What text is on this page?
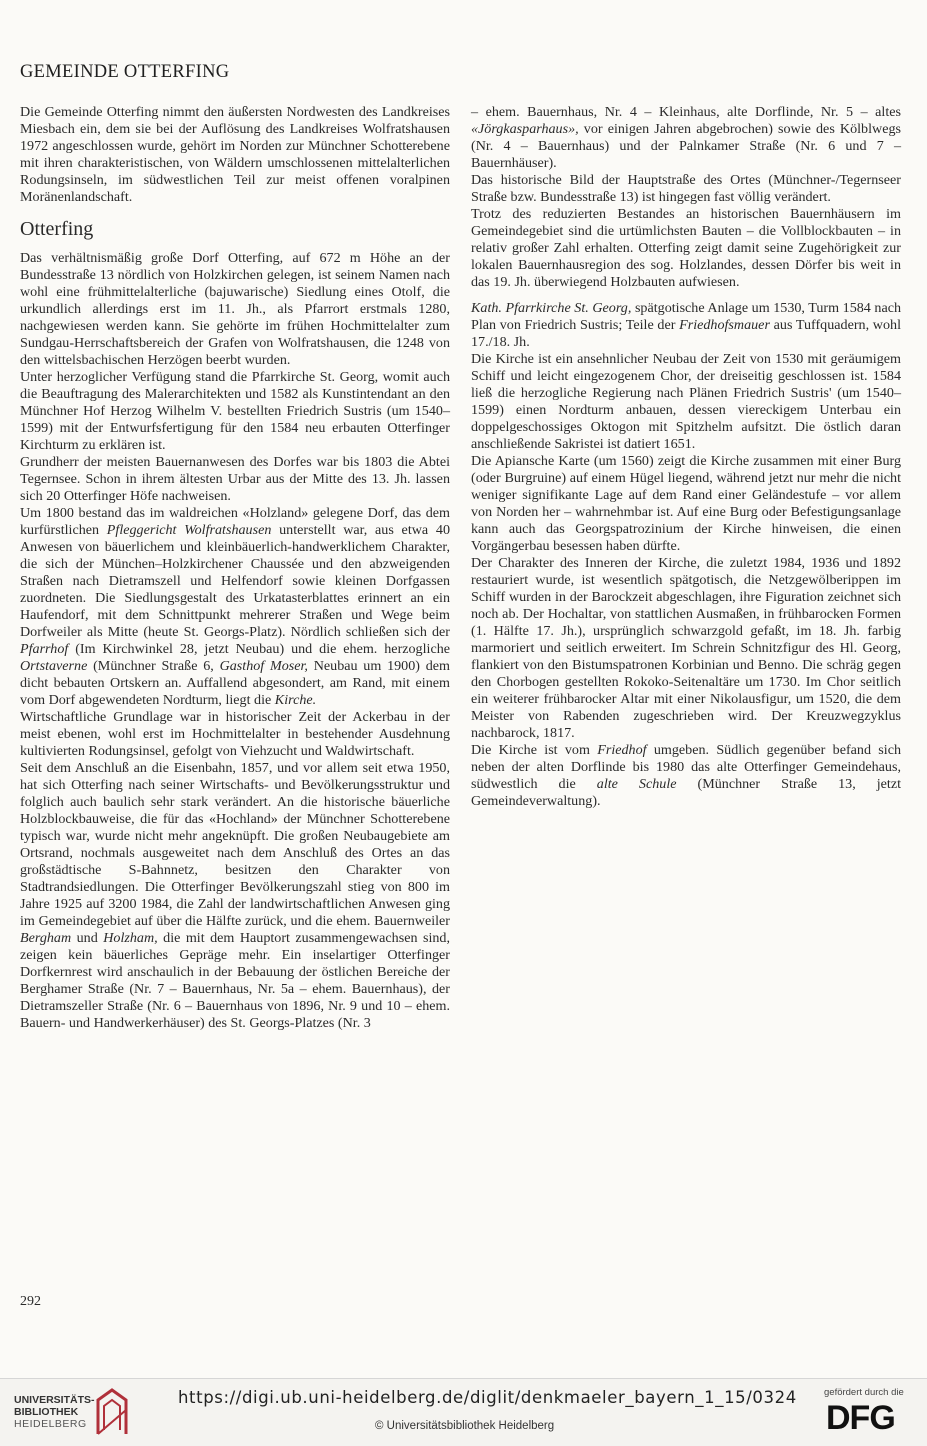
GEMEINDE OTTERFING

Die Gemeinde Otterfing nimmt den äußersten Nordwesten des Landkreises Miesbach ein, dem sie bei der Auflösung des Landkreises Wolfratshausen 1972 angeschlossen wurde, gehört im Norden zur Münchner Schotterebene mit ihren charakteristischen, von Wäldern umschlossenen mittelalterlichen Rodungsinseln, im südwestlichen Teil zur meist offenen voralpinen Moränenlandschaft.

Otterfing

Das verhältnismäßig große Dorf Otterfing, auf 672 m Höhe an der Bundesstraße 13 nördlich von Holzkirchen gelegen, ist seinem Namen nach wohl eine frühmittelalterliche (bajuwarische) Siedlung eines Otolf, die urkundlich allerdings erst im 11. Jh., als Pfarrort erstmals 1280, nachgewiesen werden kann. Sie gehörte im frühen Hochmittelalter zum Sundgau-Herrschaftsbereich der Grafen von Wolfratshausen, die 1248 von den wittelsbachischen Herzögen beerbt wurden.

Unter herzoglicher Verfügung stand die Pfarrkirche St. Georg, womit auch die Beauftragung des Malerarchitekten und 1582 als Kunstintendant an den Münchner Hof Herzog Wilhelm V. bestellten Friedrich Sustris (um 1540–1599) mit der Entwurfsfertigung für den 1584 neu erbauten Otterfinger Kirchturm zu erklären ist.

Grundherr der meisten Bauernanwesen des Dorfes war bis 1803 die Abtei Tegernsee. Schon in ihrem ältesten Urbar aus der Mitte des 13. Jh. lassen sich 20 Otterfinger Höfe nachweisen.

Um 1800 bestand das im waldreichen «Holzland» gelegene Dorf, das dem kurfürstlichen Pfleggericht Wolfratshausen unterstellt war, aus etwa 40 Anwesen von bäuerlichem und kleinbäuerlich-handwerklichem Charakter, die sich der München–Holzkirchener Chaussée und den abzweigenden Straßen nach Dietramszell und Helfendorf sowie kleinen Dorfgassen zuordneten. Die Siedlungsgestalt des Urkatasterblattes erinnert an ein Haufendorf, mit dem Schnittpunkt mehrerer Straßen und Wege beim Dorfweiler als Mitte (heute St. Georgs-Platz). Nördlich schließen sich der Pfarrhof (Im Kirchwinkel 28, jetzt Neubau) und die ehem. herzogliche Ortstaverne (Münchner Straße 6, Gasthof Moser, Neubau um 1900) dem dicht bebauten Ortskern an. Auffallend abgesondert, am Rand, mit einem vom Dorf abgewendeten Nordturm, liegt die Kirche.

Wirtschaftliche Grundlage war in historischer Zeit der Ackerbau in der meist ebenen, wohl erst im Hochmittelalter in bestehender Ausdehnung kultivierten Rodungsinsel, gefolgt von Viehzucht und Waldwirtschaft.

Seit dem Anschluß an die Eisenbahn, 1857, und vor allem seit etwa 1950, hat sich Otterfing nach seiner Wirtschafts- und Bevölkerungsstruktur und folglich auch baulich sehr stark verändert. An die historische bäuerliche Holzblockbauweise, die für das «Hochland» der Münchner Schotterebene typisch war, wurde nicht mehr angeknüpft. Die großen Neubaugebiete am Ortsrand, nochmals ausgeweitet nach dem Anschluß des Ortes an das großstädtische S-Bahnnetz, besitzen den Charakter von Stadtrandsiedlungen. Die Otterfinger Bevölkerungszahl stieg von 800 im Jahre 1925 auf 3200 1984, die Zahl der landwirtschaftlichen Anwesen ging im Gemeindegebiet auf über die Hälfte zurück, und die ehem. Bauernweiler Bergham und Holzham, die mit dem Hauptort zusammengewachsen sind, zeigen kein bäuerliches Gepräge mehr. Ein inselartiger Otterfinger Dorfkernrest wird anschaulich in der Bebauung der östlichen Bereiche der Berghamer Straße (Nr. 7 – Bauernhaus, Nr. 5a – ehem. Bauernhaus), der Dietramszeller Straße (Nr. 6 – Bauernhaus von 1896, Nr. 9 und 10 – ehem. Bauern- und Handwerkerhäuser) des St. Georgs-Platzes (Nr. 3

– ehem. Bauernhaus, Nr. 4 – Kleinhaus, alte Dorflinde, Nr. 5 – altes «Jörgkasparhaus», vor einigen Jahren abgebrochen) sowie des Kölblwegs (Nr. 4 – Bauernhaus) und der Palnkamer Straße (Nr. 6 und 7 – Bauernhäuser).

Das historische Bild der Hauptstraße des Ortes (Münchner-/Tegernseer Straße bzw. Bundesstraße 13) ist hingegen fast völlig verändert.

Trotz des reduzierten Bestandes an historischen Bauernhäusern im Gemeindegebiet sind die urtümlichsten Bauten – die Vollblockbauten – in relativ großer Zahl erhalten. Otterfing zeigt damit seine Zugehörigkeit zur lokalen Bauernhausregion des sog. Holzlandes, dessen Dörfer bis weit in das 19. Jh. überwiegend Holzbauten aufwiesen.

Kath. Pfarrkirche St. Georg, spätgotische Anlage um 1530, Turm 1584 nach Plan von Friedrich Sustris; Teile der Friedhofsmauer aus Tuffquadern, wohl 17./18. Jh.

Die Kirche ist ein ansehnlicher Neubau der Zeit von 1530 mit geräumigem Schiff und leicht eingezogenem Chor, der dreiseitig geschlossen ist. 1584 ließ die herzogliche Regierung nach Plänen Friedrich Sustris' (um 1540–1599) einen Nordturm anbauen, dessen viereckigem Unterbau ein doppelgeschossiges Oktogon mit Spitzhelm aufsitzt. Die östlich daran anschließende Sakristei ist datiert 1651.

Die Apiansche Karte (um 1560) zeigt die Kirche zusammen mit einer Burg (oder Burgruine) auf einem Hügel liegend, während jetzt nur mehr die nicht weniger signifikante Lage auf dem Rand einer Geländestufe – vor allem von Norden her – wahrnehmbar ist. Auf eine Burg oder Befestigungsanlage kann auch das Georgspatrozinium der Kirche hinweisen, die einen Vorgängerbau besessen haben dürfte.

Der Charakter des Inneren der Kirche, die zuletzt 1984, 1936 und 1892 restauriert wurde, ist wesentlich spätgotisch, die Netzgewölberippen im Schiff wurden in der Barockzeit abgeschlagen, ihre Figuration zeichnet sich noch ab. Der Hochaltar, von stattlichen Ausmaßen, in frühbarocken Formen (1. Hälfte 17. Jh.), ursprünglich schwarzgold gefaßt, im 18. Jh. farbig marmoriert und seitlich erweitert. Im Schrein Schnitzfigur des Hl. Georg, flankiert von den Bistumspatronen Korbinian und Benno. Die schräg gegen den Chorbogen gestellten Rokoko-Seitenaltäre um 1730. Im Chor seitlich ein weiterer frühbarocker Altar mit einer Nikolausfigur, um 1520, die dem Meister von Rabenden zugeschrieben wird. Der Kreuzwegzyklus nachbarock, 1817.

Die Kirche ist vom Friedhof umgeben. Südlich gegenüber befand sich neben der alten Dorflinde bis 1980 das alte Otterfinger Gemeindehaus, südwestlich die alte Schule (Münchner Straße 13, jetzt Gemeindeverwaltung).

292
UNIVERSITÄTS-
BIBLIOTHEK
HEIDELBERG
https://digi.ub.uni-heidelberg.de/diglit/denkmaeler_bayern_1_15/0324
© Universitätsbibliothek Heidelberg
gefördert durch die
DFG
